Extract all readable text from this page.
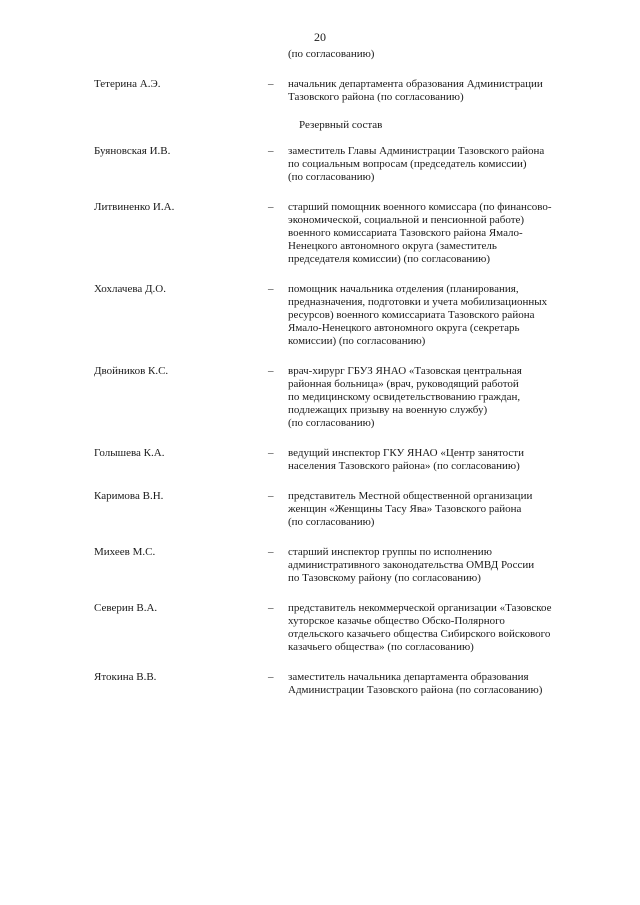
20
(по согласованию)
Тетерина А.Э.	– начальник департамента образования Администрации
Тазовского района (по согласованию)
Резервный состав
Буяновская И.В.	– заместитель Главы Администрации Тазовского района
по социальным вопросам (председатель комиссии)
(по согласованию)
Литвиненко И.А.	– старший помощник военного комиссара (по финансово-
экономической, социальной и пенсионной работе)
военного комиссариата Тазовского района Ямало-
Ненецкого автономного округа (заместитель
председателя комиссии) (по согласованию)
Хохлачева Д.О.	– помощник начальника отделения (планирования,
предназначения, подготовки и учета мобилизационных
ресурсов) военного комиссариата Тазовского района
Ямало-Ненецкого автономного округа (секретарь
комиссии) (по согласованию)
Двойников К.С.	– врач-хирург ГБУЗ ЯНАО «Тазовская центральная
районная больница» (врач, руководящий работой
по медицинскому освидетельствованию граждан,
подлежащих призыву на военную службу)
(по согласованию)
Голышева К.А.	– ведущий инспектор ГКУ ЯНАО «Центр занятости
населения Тазовского района» (по согласованию)
Каримова В.Н.	– представитель Местной общественной организации
женщин «Женщины Тасу Ява» Тазовского района
(по согласованию)
Михеев М.С.	– старший инспектор группы по исполнению
административного законодательства ОМВД России
по Тазовскому району (по согласованию)
Северин В.А.	– представитель некоммерческой организации «Тазовское
хуторское казачье общество Обско-Полярного
отдельского казачьего общества Сибирского войскового
казачьего общества» (по согласованию)
Ятокина В.В.	– заместитель начальника департамента образования
Администрации Тазовского района (по согласованию)
